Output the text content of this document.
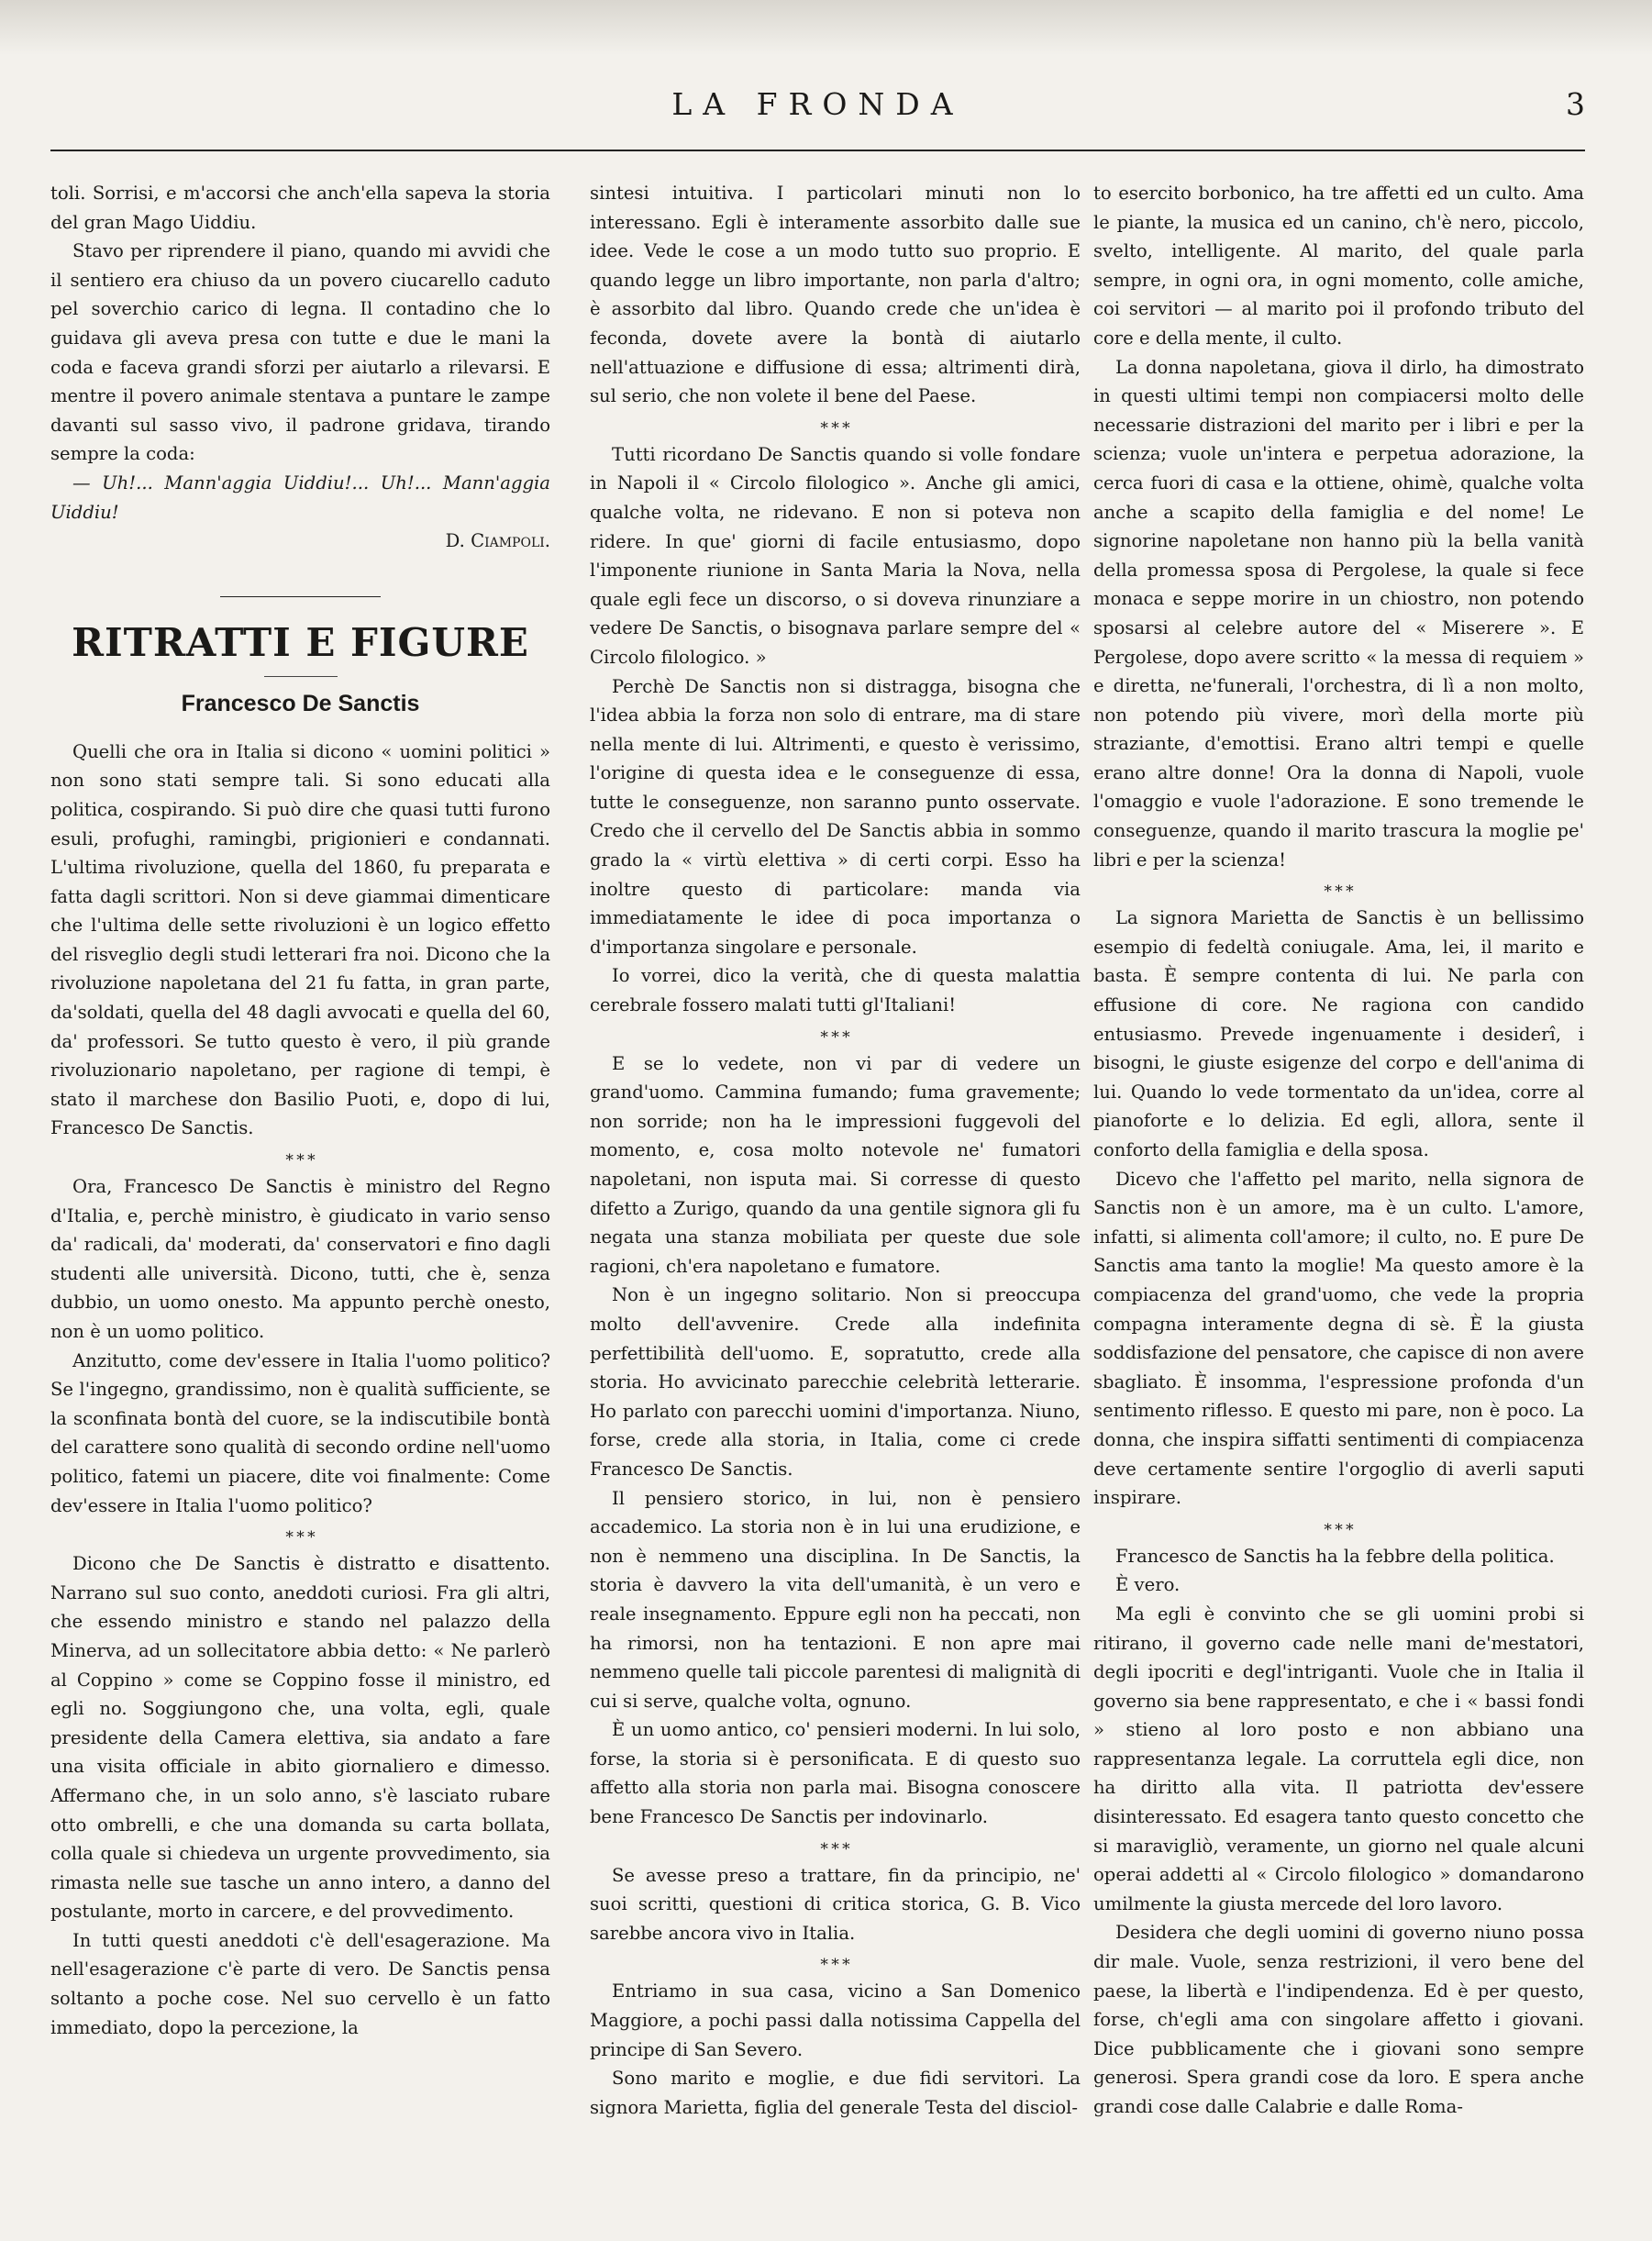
LA FRONDA	3

toli. Sorrisi, e m'accorsi che anch'ella sapeva la storia del gran Mago Uiddiu.

Stavo per riprendere il piano, quando mi avvidi che il sentiero era chiuso da un povero ciucarello caduto pel soverchio carico di legna. Il contadino che lo guidava gli aveva presa con tutte e due le mani la coda e faceva grandi sforzi per aiutarlo a rilevarsi. E mentre il povero animale stentava a puntare le zampe davanti sul sasso vivo, il padrone gridava, tirando sempre la coda:

— Uh!... Mann'aggia Uiddiu!... Uh!... Mann'aggia Uiddiu!

D. Ciampoli.

RITRATTI E FIGURE
Francesco De Sanctis

Quelli che ora in Italia si dicono « uomini politici » non sono stati sempre tali. Si sono educati alla politica, cospirando. Si può dire che quasi tutti furono esuli, profughi, ramingbi, prigionieri e condannati. L'ultima rivoluzione, quella del 1860, fu preparata e fatta dagli scrittori. Non si deve giammai dimenticare che l'ultima delle sette rivoluzioni è un logico effetto del risveglio degli studi letterari fra noi. Dicono che la rivoluzione napoletana del 21 fu fatta, in gran parte, da'soldati, quella del 48 dagli avvocati e quella del 60, da' professori. Se tutto questo è vero, il più grande rivoluzionario napoletano, per ragione di tempi, è stato il marchese don Basilio Puoti, e, dopo di lui, Francesco De Sanctis.

* * *

Ora, Francesco De Sanctis è ministro del Regno d'Italia, e, perchè ministro, è giudicato in vario senso da' radicali, da' moderati, da' conservatori e fino dagli studenti alle università. Dicono, tutti, che è, senza dubbio, un uomo onesto. Ma appunto perchè onesto, non è un uomo politico.

Anzitutto, come dev'essere in Italia l'uomo politico? Se l'ingegno, grandissimo, non è qualità sufficiente, se la sconfinata bontà del cuore, se la indiscutibile bontà del carattere sono qualità di secondo ordine nell'uomo politico, fatemi un piacere, dite voi finalmente: Come dev'essere in Italia l'uomo politico?

* * *

Dicono che De Sanctis è distratto e disattento. Narrano sul suo conto, aneddoti curiosi. Fra gli altri, che essendo ministro e stando nel palazzo della Minerva, ad un sollecitatore abbia detto: « Ne parlerò al Coppino » come se Coppino fosse il ministro, ed egli no. Soggiungono che, una volta, egli, quale presidente della Camera elettiva, sia andato a fare una visita officiale in abito giornaliero e dimesso. Affermano che, in un solo anno, s'è lasciato rubare otto ombrelli, e che una domanda su carta bollata, colla quale si chiedeva un urgente provvedimento, sia rimasta nelle sue tasche un anno intero, a danno del postulante, morto in carcere, e del provvedimento.

In tutti questi aneddoti c'è dell'esagerazione. Ma nell'esagerazione c'è parte di vero. De Sanctis pensa soltanto a poche cose. Nel suo cervello è un fatto immediato, dopo la percezione, la

sintesi intuitiva. I particolari minuti non lo interessano. Egli è interamente assorbito dalle sue idee. Vede le cose a un modo tutto suo proprio. E quando legge un libro importante, non parla d'altro; è assorbito dal libro. Quando crede che un'idea è feconda, dovete avere la bontà di aiutarlo nell'attuazione e diffusione di essa; altrimenti dirà, sul serio, che non volete il bene del Paese.

* * *

Tutti ricordano De Sanctis quando si volle fondare in Napoli il « Circolo filologico ». Anche gli amici, qualche volta, ne ridevano. E non si poteva non ridere. In que' giorni di facile entusiasmo, dopo l'imponente riunione in Santa Maria la Nova, nella quale egli fece un discorso, o si doveva rinunziare a vedere De Sanctis, o bisognava parlare sempre del « Circolo filologico. »

Perchè De Sanctis non si distragga, bisogna che l'idea abbia la forza non solo di entrare, ma di stare nella mente di lui. Altrimenti, e questo è verissimo, l'origine di questa idea e le conseguenze di essa, tutte le conseguenze, non saranno punto osservate. Credo che il cervello del De Sanctis abbia in sommo grado la « virtù elettiva » di certi corpi. Esso ha inoltre questo di particolare: manda via immediatamente le idee di poca importanza o d'importanza singolare e personale.

Io vorrei, dico la verità, che di questa malattia cerebrale fossero malati tutti gl'Italiani!

* * *

E se lo vedete, non vi par di vedere un grand'uomo. Cammina fumando; fuma gravemente; non sorride; non ha le impressioni fuggevoli del momento, e, cosa molto notevole ne' fumatori napoletani, non isputa mai. Si corresse di questo difetto a Zurigo, quando da una gentile signora gli fu negata una stanza mobiliata per queste due sole ragioni, ch'era napoletano e fumatore.

Non è un ingegno solitario. Non si preoccupa molto dell'avvenire. Crede alla indefinita perfettibilità dell'uomo. E, sopratutto, crede alla storia. Ho avvicinato parecchie celebrità letterarie. Ho parlato con parecchi uomini d'importanza. Niuno, forse, crede alla storia, in Italia, come ci crede Francesco De Sanctis.

Il pensiero storico, in lui, non è pensiero accademico. La storia non è in lui una erudizione, e non è nemmeno una disciplina. In De Sanctis, la storia è davvero la vita dell'umanità, è un vero e reale insegnamento. Eppure egli non ha peccati, non ha rimorsi, non ha tentazioni. E non apre mai nemmeno quelle tali piccole parentesi di malignità di cui si serve, qualche volta, ognuno.

È un uomo antico, co' pensieri moderni. In lui solo, forse, la storia si è personificata. E di questo suo affetto alla storia non parla mai. Bisogna conoscere bene Francesco De Sanctis per indovinarlo.

* * *

Se avesse preso a trattare, fin da principio, ne' suoi scritti, questioni di critica storica, G. B. Vico sarebbe ancora vivo in Italia.

* * *

Entriamo in sua casa, vicino a San Domenico Maggiore, a pochi passi dalla notissima Cappella del principe di San Severo.

Sono marito e moglie, e due fidi servitori. La signora Marietta, figlia del generale Testa del disciol-

to esercito borbonico, ha tre affetti ed un culto. Ama le piante, la musica ed un canino, ch'è nero, piccolo, svelto, intelligente. Al marito, del quale parla sempre, in ogni ora, in ogni momento, colle amiche, coi servitori — al marito poi il profondo tributo del core e della mente, il culto.

La donna napoletana, giova il dirlo, ha dimostrato in questi ultimi tempi non compiacersi molto delle necessarie distrazioni del marito per i libri e per la scienza; vuole un'intera e perpetua adorazione, la cerca fuori di casa e la ottiene, ohimè, qualche volta anche a scapito della famiglia e del nome! Le signorine napoletane non hanno più la bella vanità della promessa sposa di Pergolese, la quale si fece monaca e seppe morire in un chiostro, non potendo sposarsi al celebre autore del « Miserere ». E Pergolese, dopo avere scritto « la messa di requiem » e diretta, ne'funerali, l'orchestra, di lì a non molto, non potendo più vivere, morì della morte più straziante, d'emottisi. Erano altri tempi e quelle erano altre donne! Ora la donna di Napoli, vuole l'omaggio e vuole l'adorazione. E sono tremende le conseguenze, quando il marito trascura la moglie pe' libri e per la scienza!

* * *

La signora Marietta de Sanctis è un bellissimo esempio di fedeltà coniugale. Ama, lei, il marito e basta. È sempre contenta di lui. Ne parla con effusione di core. Ne ragiona con candido entusiasmo. Prevede ingenuamente i desiderî, i bisogni, le giuste esigenze del corpo e dell'anima di lui. Quando lo vede tormentato da un'idea, corre al pianoforte e lo delizia. Ed egli, allora, sente il conforto della famiglia e della sposa.

Dicevo che l'affetto pel marito, nella signora de Sanctis non è un amore, ma è un culto. L'amore, infatti, si alimenta coll'amore; il culto, no. E pure De Sanctis ama tanto la moglie! Ma questo amore è la compiacenza del grand'uomo, che vede la propria compagna interamente degna di sè. È la giusta soddisfazione del pensatore, che capisce di non avere sbagliato. È insomma, l'espressione profonda d'un sentimento riflesso. E questo mi pare, non è poco. La donna, che inspira siffatti sentimenti di compiacenza deve certamente sentire l'orgoglio di averli saputi inspirare.

* * *

Francesco de Sanctis ha la febbre della politica.

È vero.

Ma egli è convinto che se gli uomini probi si ritirano, il governo cade nelle mani de'mestatori, degli ipocriti e degl'intriganti. Vuole che in Italia il governo sia bene rappresentato, e che i « bassi fondi » stieno al loro posto e non abbiano una rappresentanza legale. La corruttela egli dice, non ha diritto alla vita. Il patriotta dev'essere disinteressato. Ed esagera tanto questo concetto che si maravigliò, veramente, un giorno nel quale alcuni operai addetti al « Circolo filologico » domandarono umilmente la giusta mercede del loro lavoro.

Desidera che degli uomini di governo niuno possa dir male. Vuole, senza restrizioni, il vero bene del paese, la libertà e l'indipendenza. Ed è per questo, forse, ch'egli ama con singolare affetto i giovani. Dice pubblicamente che i giovani sono sempre generosi. Spera grandi cose da loro. E spera anche grandi cose dalle Calabrie e dalle Roma-
